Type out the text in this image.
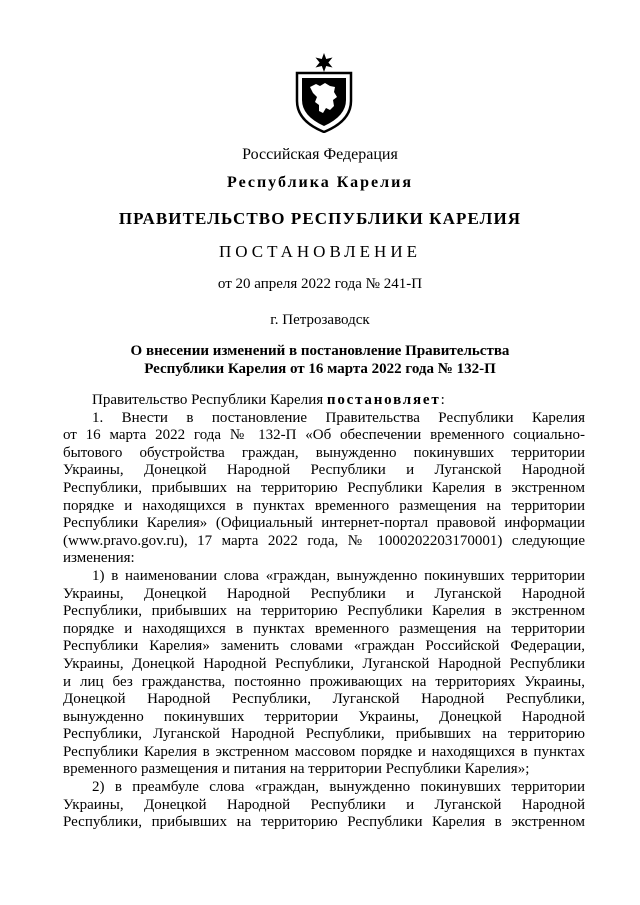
Российская Федерация
Республика Карелия
ПРАВИТЕЛЬСТВО РЕСПУБЛИКИ КАРЕЛИЯ
ПОСТАНОВЛЕНИЕ
от 20 апреля 2022 года № 241-П
г. Петрозаводск
О внесении изменений в постановление Правительства
Республики Карелия от 16 марта 2022 года № 132-П
Правительство Республики Карелия постановляет:
1. Внести в постановление Правительства Республики Карелия
от 16 марта 2022 года № 132-П «Об обеспечении временного социально-
бытового обустройства граждан, вынужденно покинувших территории
Украины, Донецкой Народной Республики и Луганской Народной
Республики, прибывших на территорию Республики Карелия в экстренном
порядке и находящихся в пунктах временного размещения на территории
Республики Карелия» (Официальный интернет-портал правовой информации
(www.pravo.gov.ru), 17 марта 2022 года, № 1000202203170001) следующие
изменения:
1) в наименовании слова «граждан, вынужденно покинувших территории
Украины, Донецкой Народной Республики и Луганской Народной
Республики, прибывших на территорию Республики Карелия в экстренном
порядке и находящихся в пунктах временного размещения на территории
Республики Карелия» заменить словами «граждан Российской Федерации,
Украины, Донецкой Народной Республики, Луганской Народной Республики
и лиц без гражданства, постоянно проживающих на территориях Украины,
Донецкой Народной Республики, Луганской Народной Республики,
вынужденно покинувших территории Украины, Донецкой Народной
Республики, Луганской Народной Республики, прибывших на территорию
Республики Карелия в экстренном массовом порядке и находящихся в пунктах
временного размещения и питания на территории Республики Карелия»;
2) в преамбуле слова «граждан, вынужденно покинувших территории
Украины, Донецкой Народной Республики и Луганской Народной
Республики, прибывших на территорию Республики Карелия в экстренном
